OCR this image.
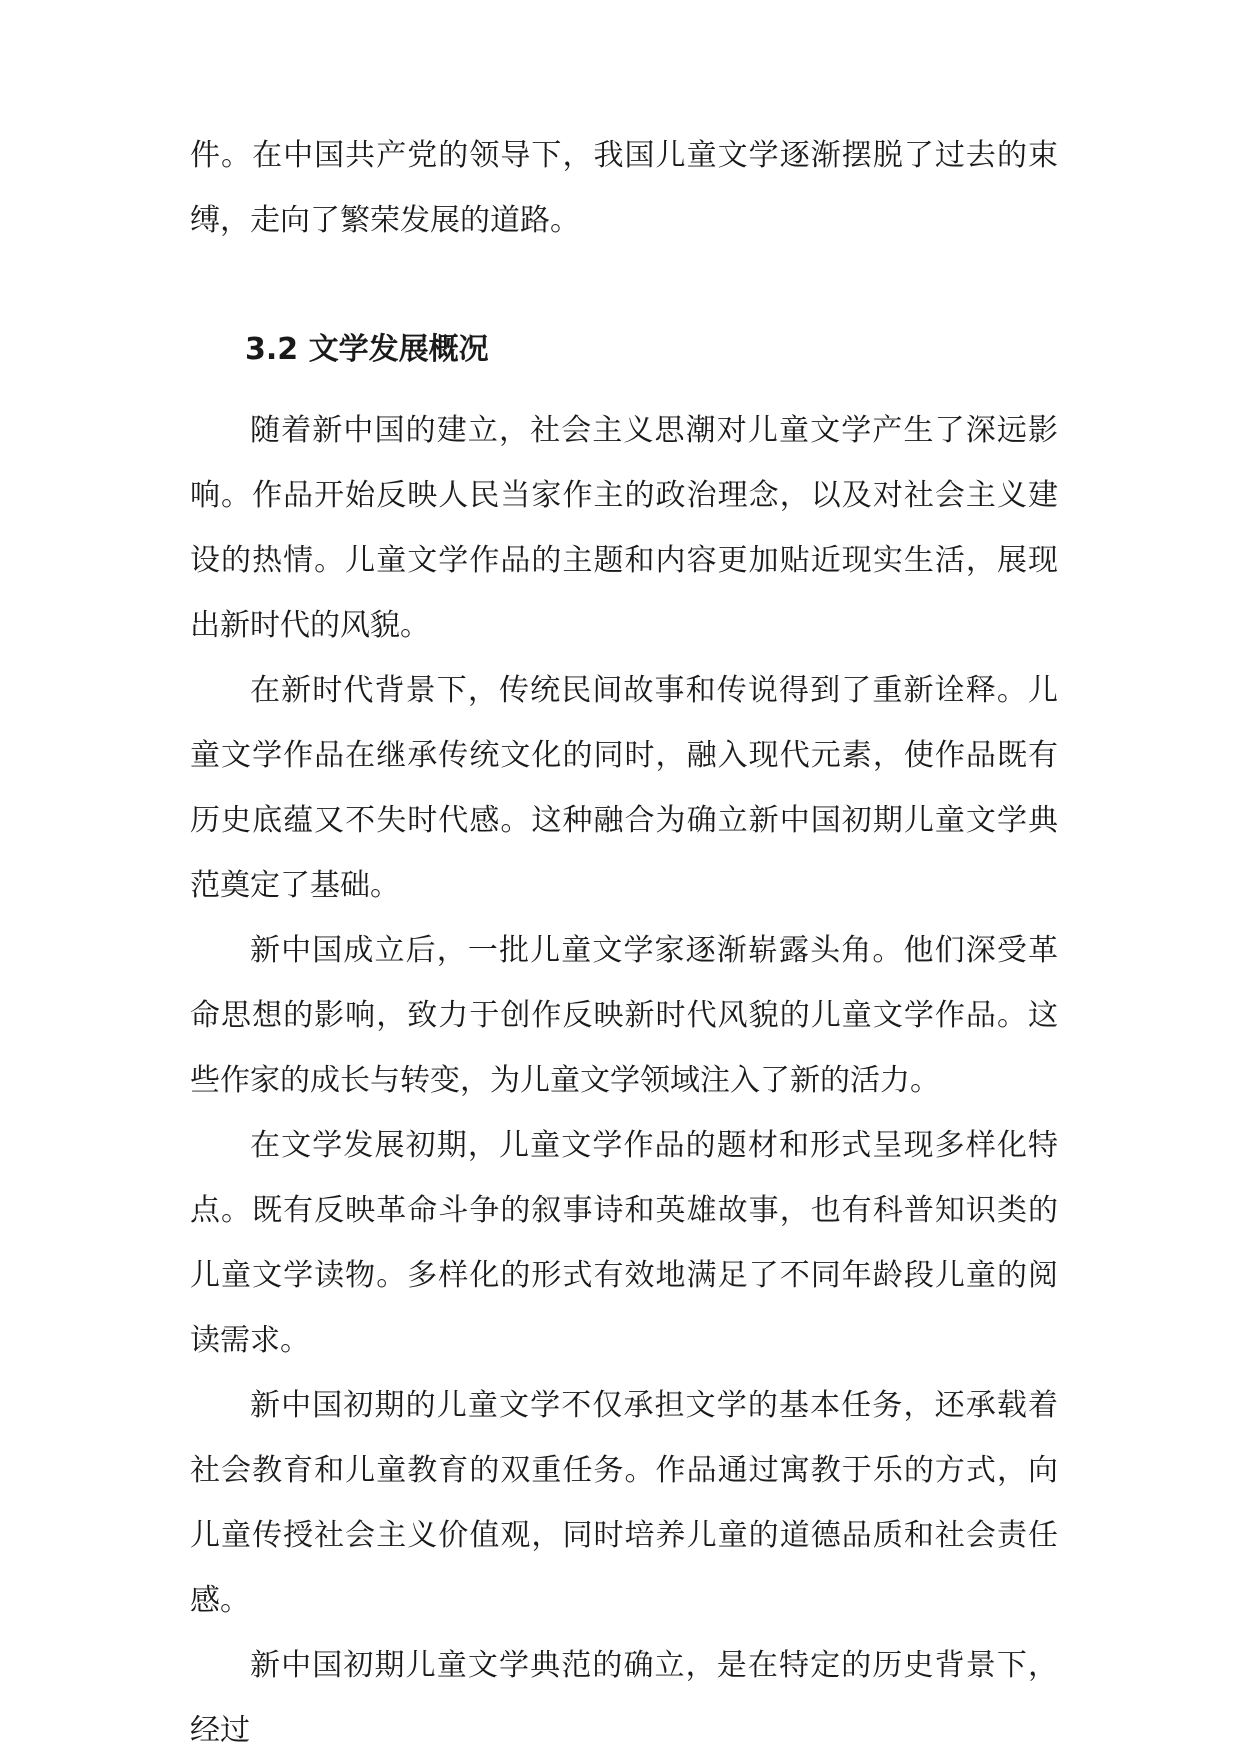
件。在中国共产党的领导下，我国儿童文学逐渐摆脱了过去的束缚，走向了繁荣发展的道路。

3.2 文学发展概况

随着新中国的建立，社会主义思潮对儿童文学产生了深远影响。作品开始反映人民当家作主的政治理念，以及对社会主义建设的热情。儿童文学作品的主题和内容更加贴近现实生活，展现出新时代的风貌。

在新时代背景下，传统民间故事和传说得到了重新诠释。儿童文学作品在继承传统文化的同时，融入现代元素，使作品既有历史底蕴又不失时代感。这种融合为确立新中国初期儿童文学典范奠定了基础。

新中国成立后，一批儿童文学家逐渐崭露头角。他们深受革命思想的影响，致力于创作反映新时代风貌的儿童文学作品。这些作家的成长与转变，为儿童文学领域注入了新的活力。

在文学发展初期，儿童文学作品的题材和形式呈现多样化特点。既有反映革命斗争的叙事诗和英雄故事，也有科普知识类的儿童文学读物。多样化的形式有效地满足了不同年龄段儿童的阅读需求。

新中国初期的儿童文学不仅承担文学的基本任务，还承载着社会教育和儿童教育的双重任务。作品通过寓教于乐的方式，向儿童传授社会主义价值观，同时培养儿童的道德品质和社会责任感。

新中国初期儿童文学典范的确立，是在特定的历史背景下，经过
